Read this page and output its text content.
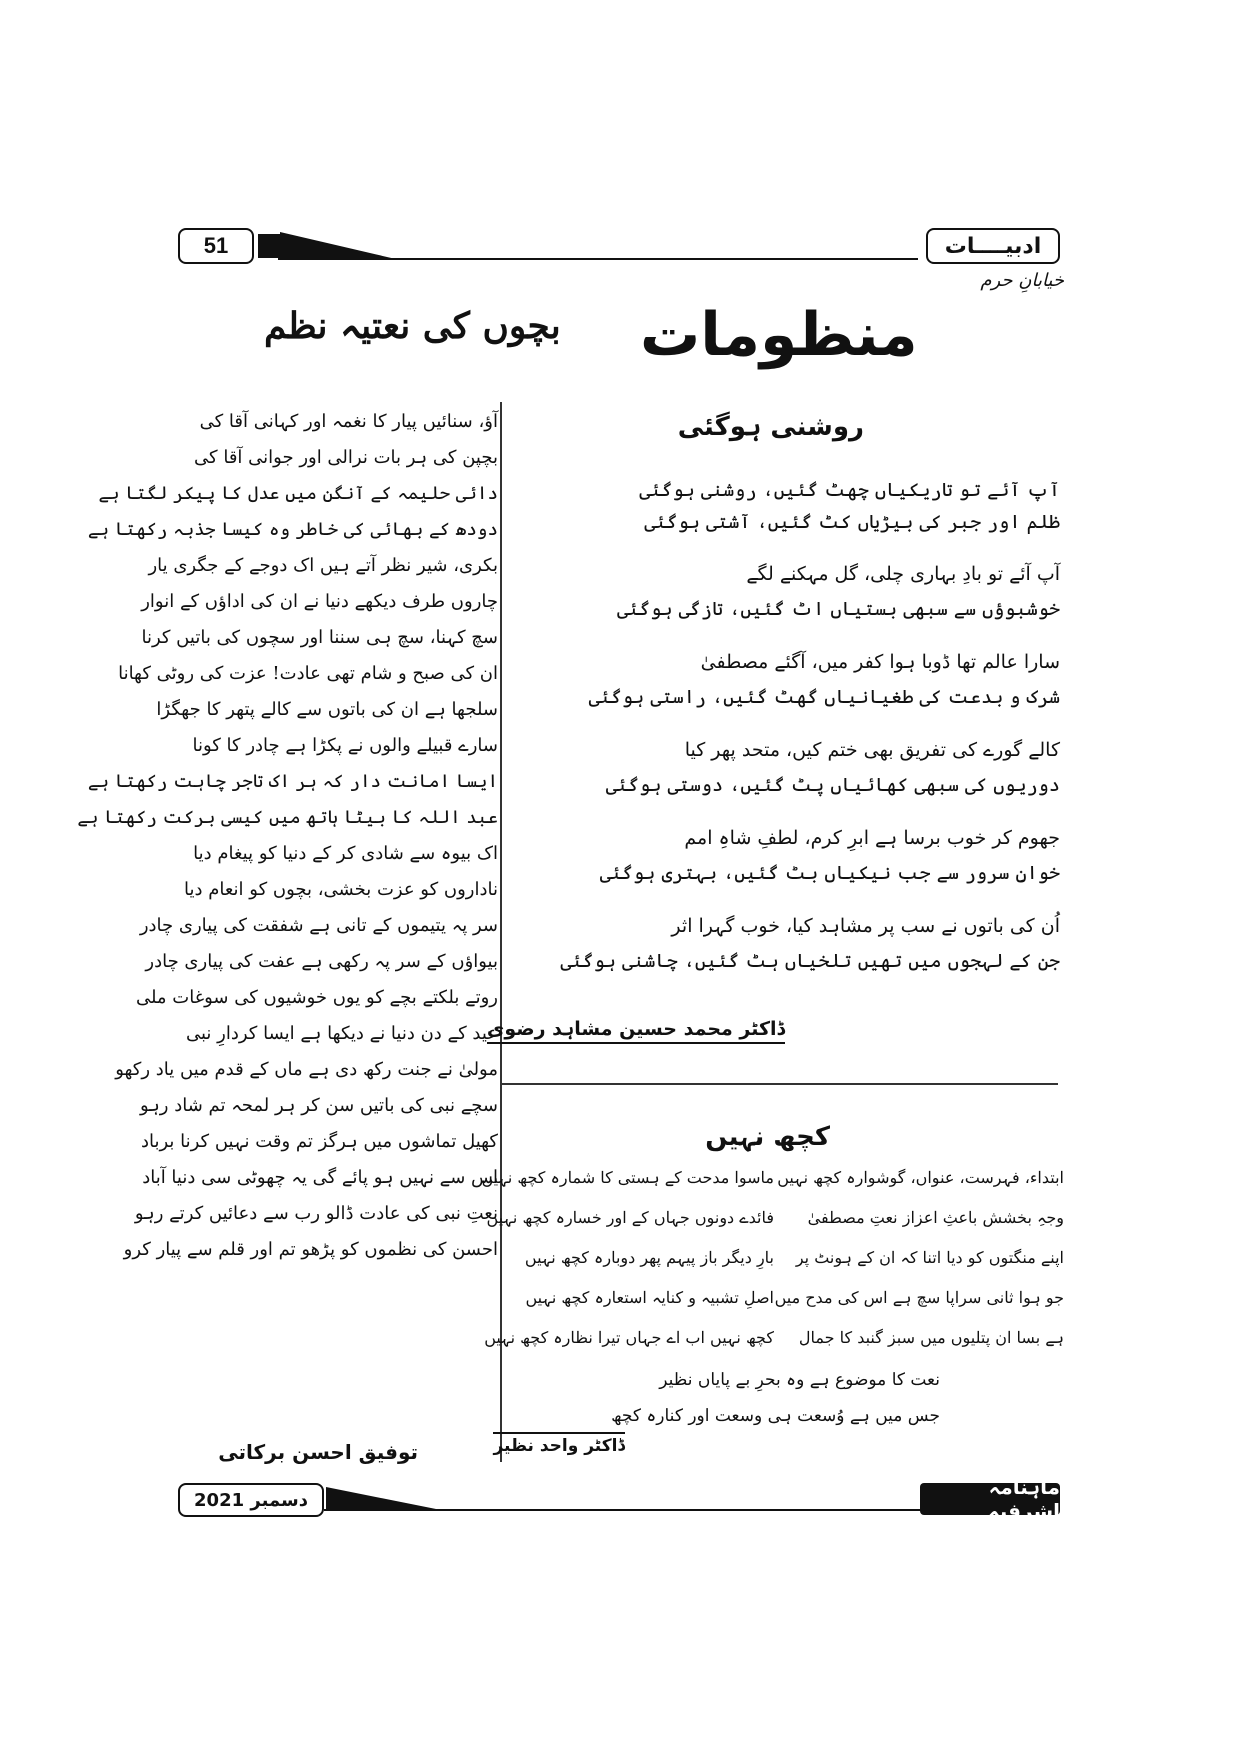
51	ادبیــــات
خیابانِ حرم
منظومات
بچوں کی نعتیہ نظم
روشنی ہوگئی
آپ آئے تو تاریکیاں چھٹ گئیں، روشنی ہوگئی
ظلم اور جبر کی بیڑیاں کٹ گئیں، آشتی ہوگئی
آپ آئے تو بادِ بہاری چلی، گل مہکنے لگے
خوشبوؤں سے سبھی بستیاں اٹ گئیں، تازگی ہوگئی
سارا عالم تھا ڈوبا ہوا کفر میں، آگئے مصطفیٰ
شرک و بدعت کی طغیانیاں گھٹ گئیں، راستی ہوگئی
کالے گورے کی تفریق بھی ختم کیں، متحد پھر کیا
دوریوں کی سبھی کھائیاں پٹ گئیں، دوستی ہوگئی
جھوم کر خوب برسا ہے ابرِ کرم، لطفِ شاہِ امم
خوانِ سرور سے جب نیکیاں بٹ گئیں، بہتری ہوگئی
اُن کی باتوں نے سب پر مشاہد کیا، خوب گہرا اثر
جن کے لہجوں میں تھیں تلخیاں ہٹ گئیں، چاشنی ہوگئی
ڈاکٹر محمد حسین مشاہد رضوی
کچھ نہیں
ابتداء، فہرست، عنواں، گوشوارہ کچھ نہیں
ماسوا مدحت کے ہستی کا شمارہ کچھ نہیں
وجہِ بخشش باعثِ اعزاز نعتِ مصطفیٰ
فائدے دونوں جہاں کے اور خسارہ کچھ نہیں
اپنے منگتوں کو دیا اتنا کہ ان کے ہونٹ پر
بارِ دیگر باز پیہم پھر دوبارہ کچھ نہیں
جو ہوا ثانی سراپا سچ ہے اس کی مدح میں
اصلِ تشبیہ و کنایہ استعارہ کچھ نہیں
ہے بسا ان پتلیوں میں سبز گنبد کا جمال
کچھ نہیں اب اے جہاں تیرا نظارہ کچھ نہیں
نعت کا موضوع ہے وہ بحرِ بے پایاں نظیر
جس میں ہے وُسعت ہی وسعت اور کنارہ کچھ
ڈاکٹر واحد نظیر
آؤ، سنائیں پیار کا نغمہ اور کہانی آقا کی
بچپن کی ہر بات نرالی اور جوانی آقا کی
دائی حلیمہ کے آنگن میں عدل کا پیکر لگتا ہے
دودھ کے بھائی کی خاطر وہ کیسا جذبہ رکھتا ہے
بکری، شیر نظر آتے ہیں اک دوجے کے جگری یار
چاروں طرف دیکھے دنیا نے ان کی اداؤں کے انوار
سچ کہنا، سچ ہی سننا اور سچوں کی باتیں کرنا
ان کی صبح و شام تھی عادت! عزت کی روٹی کھانا
سلجھا ہے ان کی باتوں سے کالے پتھر کا جھگڑا
سارے قبیلے والوں نے پکڑا ہے چادر کا کونا
ایسا امانت دار کہ ہر اک تاجر چاہت رکھتا ہے
عبد اللہ کا بیٹا ہاتھ میں کیسی برکت رکھتا ہے
اک بیوہ سے شادی کر کے دنیا کو پیغام دیا
ناداروں کو عزت بخشی، بچوں کو انعام دیا
سر پہ یتیموں کے تانی ہے شفقت کی پیاری چادر
بیواؤں کے سر پہ رکھی ہے عفت کی پیاری چادر
روتے بلکتے بچے کو یوں خوشیوں کی سوغات ملی
عید کے دن دنیا نے دیکھا ہے ایسا کردارِ نبی
مولیٰ نے جنت رکھ دی ہے ماں کے قدم میں یاد رکھو
سچے نبی کی باتیں سن کر ہر لمحہ تم شاد رہو
کھیل تماشوں میں ہرگز تم وقت نہیں کرنا برباد
اس سے نہیں ہو پائے گی یہ چھوٹی سی دنیا آباد
نعتِ نبی کی عادت ڈالو رب سے دعائیں کرتے رہو
احسن کی نظموں کو پڑھو تم اور قلم سے پیار کرو
توفیق احسن برکاتی
دسمبر 2021
ماہنامہ اشرفیہ
